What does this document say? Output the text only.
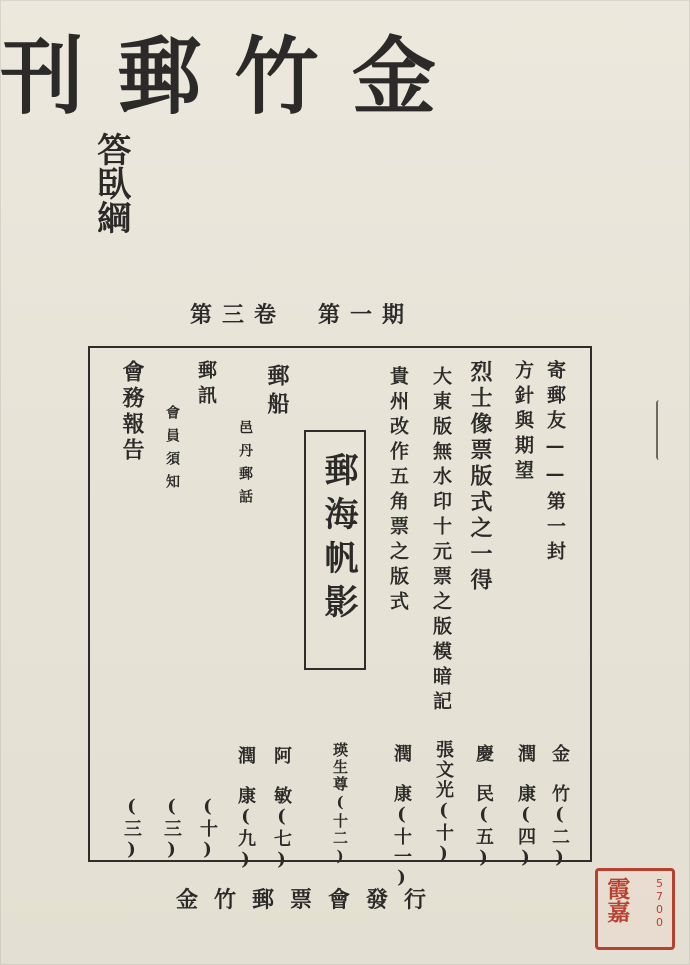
金
竹
郵
刊
答臥綱
第三卷　第一期
寄郵友——第一封
方針與期望
烈士像票版式之一得
大東版無水印十元票之版模暗記
貴州改作五角票之版式
郵海帆影
郵船
邑丹郵話
郵訊
會員須知
會務報告
金　竹(二)
潤　康(四)
慶　民(五)
張文光(十)
潤　康(十一)
瑛生尊(十二)
阿　敏(七)
潤　康(九)
(十)
(三)
(三)
金竹郵票會發行	霞嘉 5700
